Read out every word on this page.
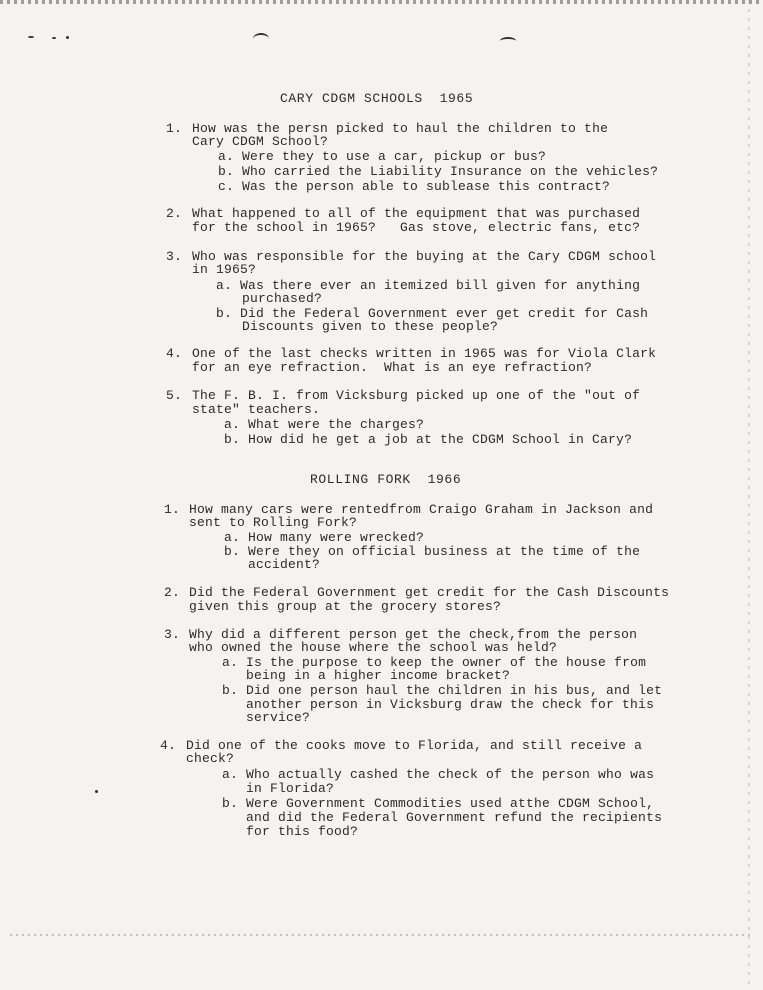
CARY CDGM SCHOOLS  1965
1. How was the persn picked to haul the children to the
Cary CDGM School?
a. Were they to use a car, pickup or bus?
b. Who carried the Liability Insurance on the vehicles?
c. Was the person able to sublease this contract?
2. What happened to all of the equipment that was purchased
for the school in 1965?   Gas stove, electric fans, etc?
3. Who was responsible for the buying at the Cary CDGM school
in 1965?
a. Was there ever an itemized bill given for anything
purchased?
b. Did the Federal Government ever get credit for Cash
Discounts given to these people?
4. One of the last checks written in 1965 was for Viola Clark
for an eye refraction.  What is an eye refraction?
5. The F. B. I. from Vicksburg picked up one of the "out of
state" teachers.
a. What were the charges?
b. How did he get a job at the CDGM School in Cary?
ROLLING FORK  1966
1. How many cars were rentedfrom Craigo Graham in Jackson and
sent to Rolling Fork?
a. How many were wrecked?
b. Were they on official business at the time of the
accident?
2. Did the Federal Government get credit for the Cash Discounts
given this group at the grocery stores?
3. Why did a different person get the check,from the person
who owned the house where the school was held?
a. Is the purpose to keep the owner of the house from
being in a higher income bracket?
b. Did one person haul the children in his bus, and let
another person in Vicksburg draw the check for this
service?
4. Did one of the cooks move to Florida, and still receive a
check?
a. Who actually cashed the check of the person who was
in Florida?
b. Were Government Commodities used atthe CDGM School,
and did the Federal Government refund the recipients
for this food?
